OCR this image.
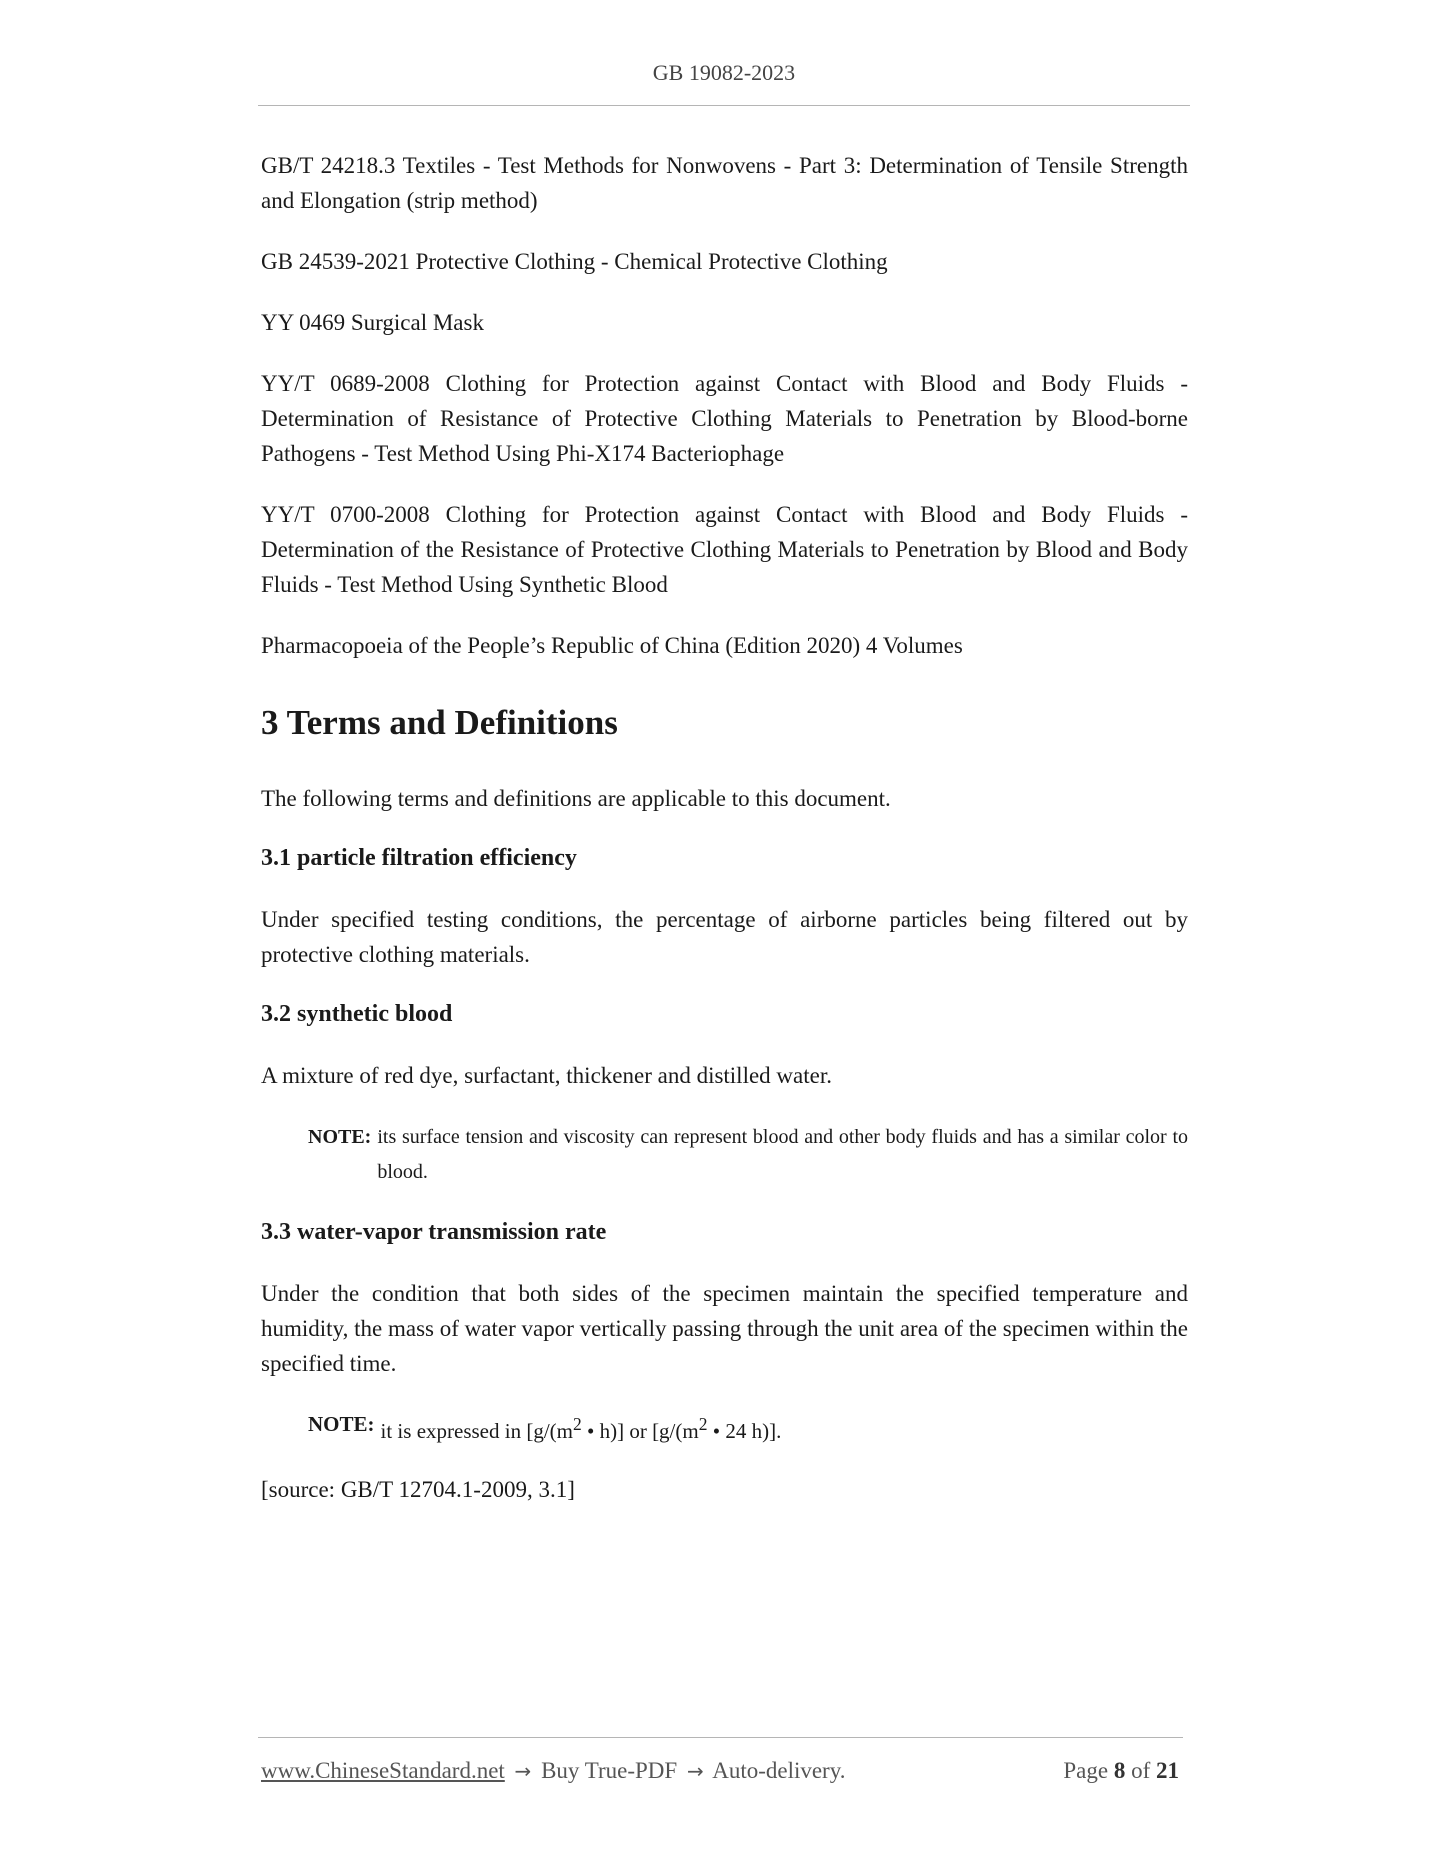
GB 19082-2023

GB/T 24218.3 Textiles - Test Methods for Nonwovens - Part 3: Determination of Tensile Strength and Elongation (strip method)

GB 24539-2021 Protective Clothing - Chemical Protective Clothing

YY 0469 Surgical Mask

YY/T 0689-2008 Clothing for Protection against Contact with Blood and Body Fluids - Determination of Resistance of Protective Clothing Materials to Penetration by Blood-borne Pathogens - Test Method Using Phi-X174 Bacteriophage

YY/T 0700-2008 Clothing for Protection against Contact with Blood and Body Fluids - Determination of the Resistance of Protective Clothing Materials to Penetration by Blood and Body Fluids - Test Method Using Synthetic Blood

Pharmacopoeia of the People’s Republic of China (Edition 2020) 4 Volumes

3 Terms and Definitions

The following terms and definitions are applicable to this document.

3.1 particle filtration efficiency

Under specified testing conditions, the percentage of airborne particles being filtered out by protective clothing materials.

3.2 synthetic blood

A mixture of red dye, surfactant, thickener and distilled water.

NOTE: its surface tension and viscosity can represent blood and other body fluids and has a similar color to blood.
3.3 water-vapor transmission rate

Under the condition that both sides of the specimen maintain the specified temperature and humidity, the mass of water vapor vertically passing through the unit area of the specimen within the specified time.

NOTE: it is expressed in [$g/(m^2$ • h)] or [$g/(m^2$ • 24 h)].

[source: GB/T 12704.1-2009, 3.1]

www.ChineseStandard.net → Buy True-PDF → Auto-delivery.	Page 8 of 21
